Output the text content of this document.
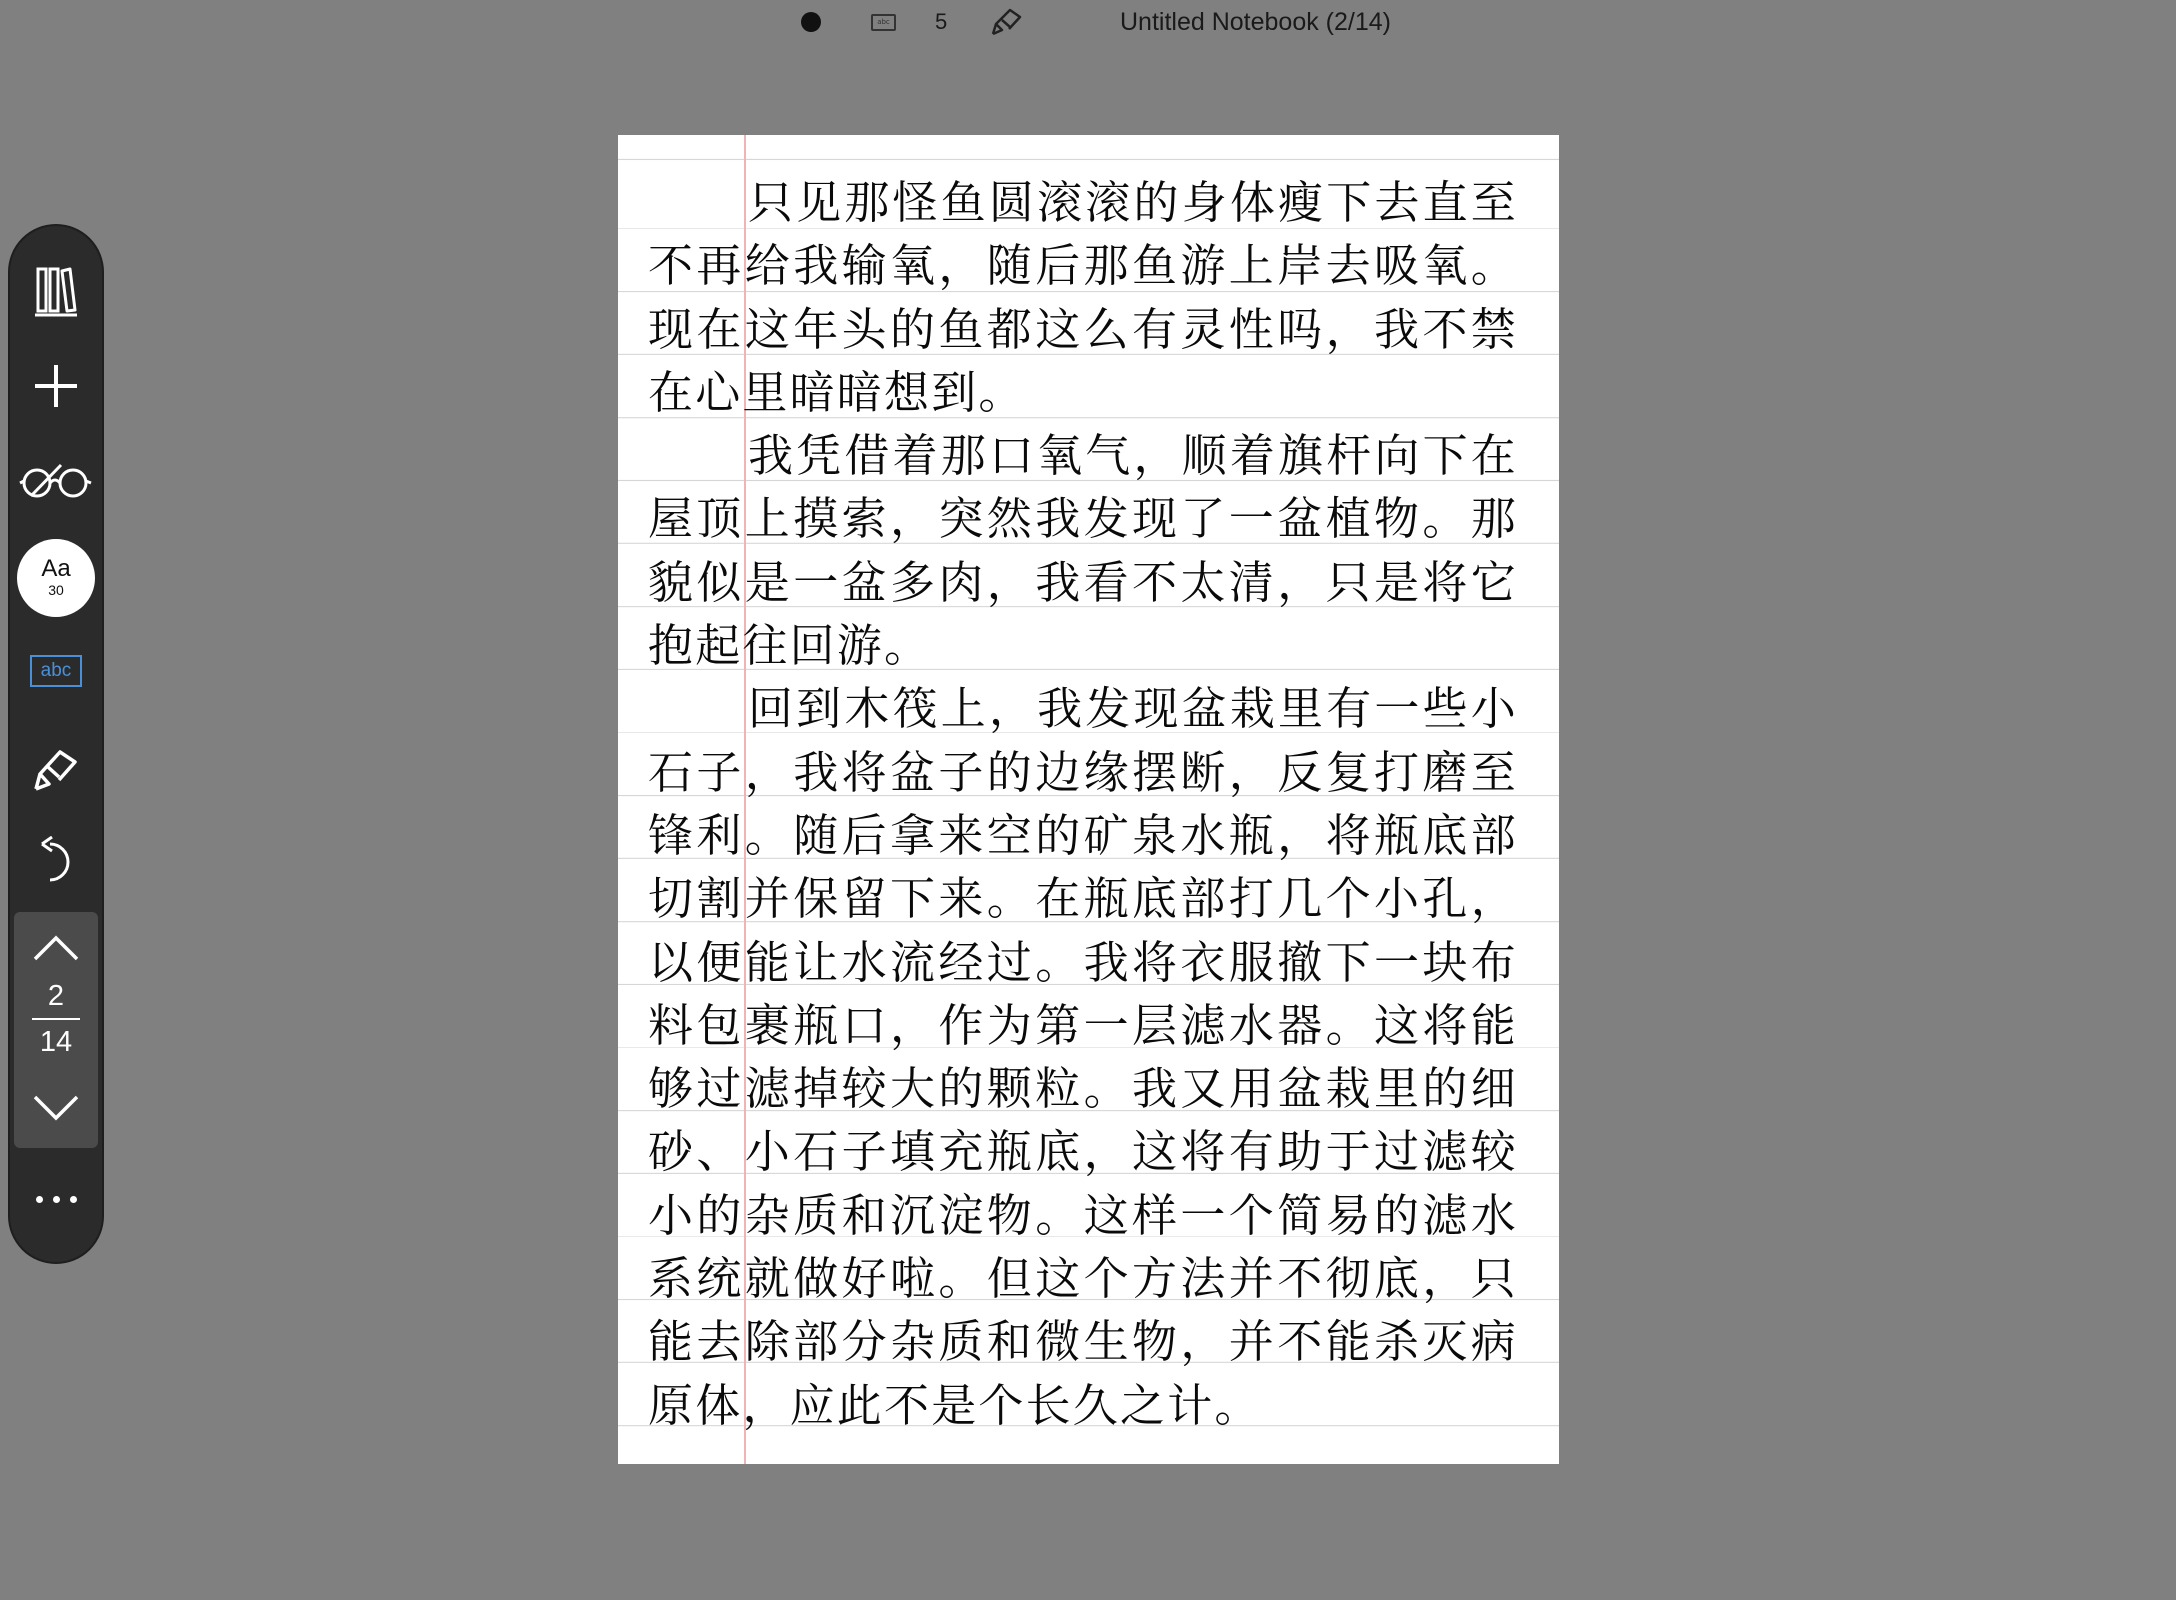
abc 5	Untitled Notebook (2/14)
Aa
30
abc
2
14

只见那怪鱼圆滚滚的身体瘦下去直至不再给我输氧，随后那鱼游上岸去吸氧。现在这年头的鱼都这么有灵性吗，我不禁在心里暗暗想到。

我凭借着那口氧气，顺着旗杆向下在屋顶上摸索，突然我发现了一盆植物。那貌似是一盆多肉，我看不太清，只是将它抱起往回游。

回到木筏上，我发现盆栽里有一些小石子，我将盆子的边缘摆断，反复打磨至锋利。随后拿来空的矿泉水瓶，将瓶底部切割并保留下来。在瓶底部打几个小孔，以便能让水流经过。我将衣服撤下一块布料包裹瓶口，作为第一层滤水器。这将能够过滤掉较大的颗粒。我又用盆栽里的细砂、小石子填充瓶底，这将有助于过滤较小的杂质和沉淀物。这样一个简易的滤水系统就做好啦。但这个方法并不彻底，只能去除部分杂质和微生物，并不能杀灭病原体，应此不是个长久之计。
